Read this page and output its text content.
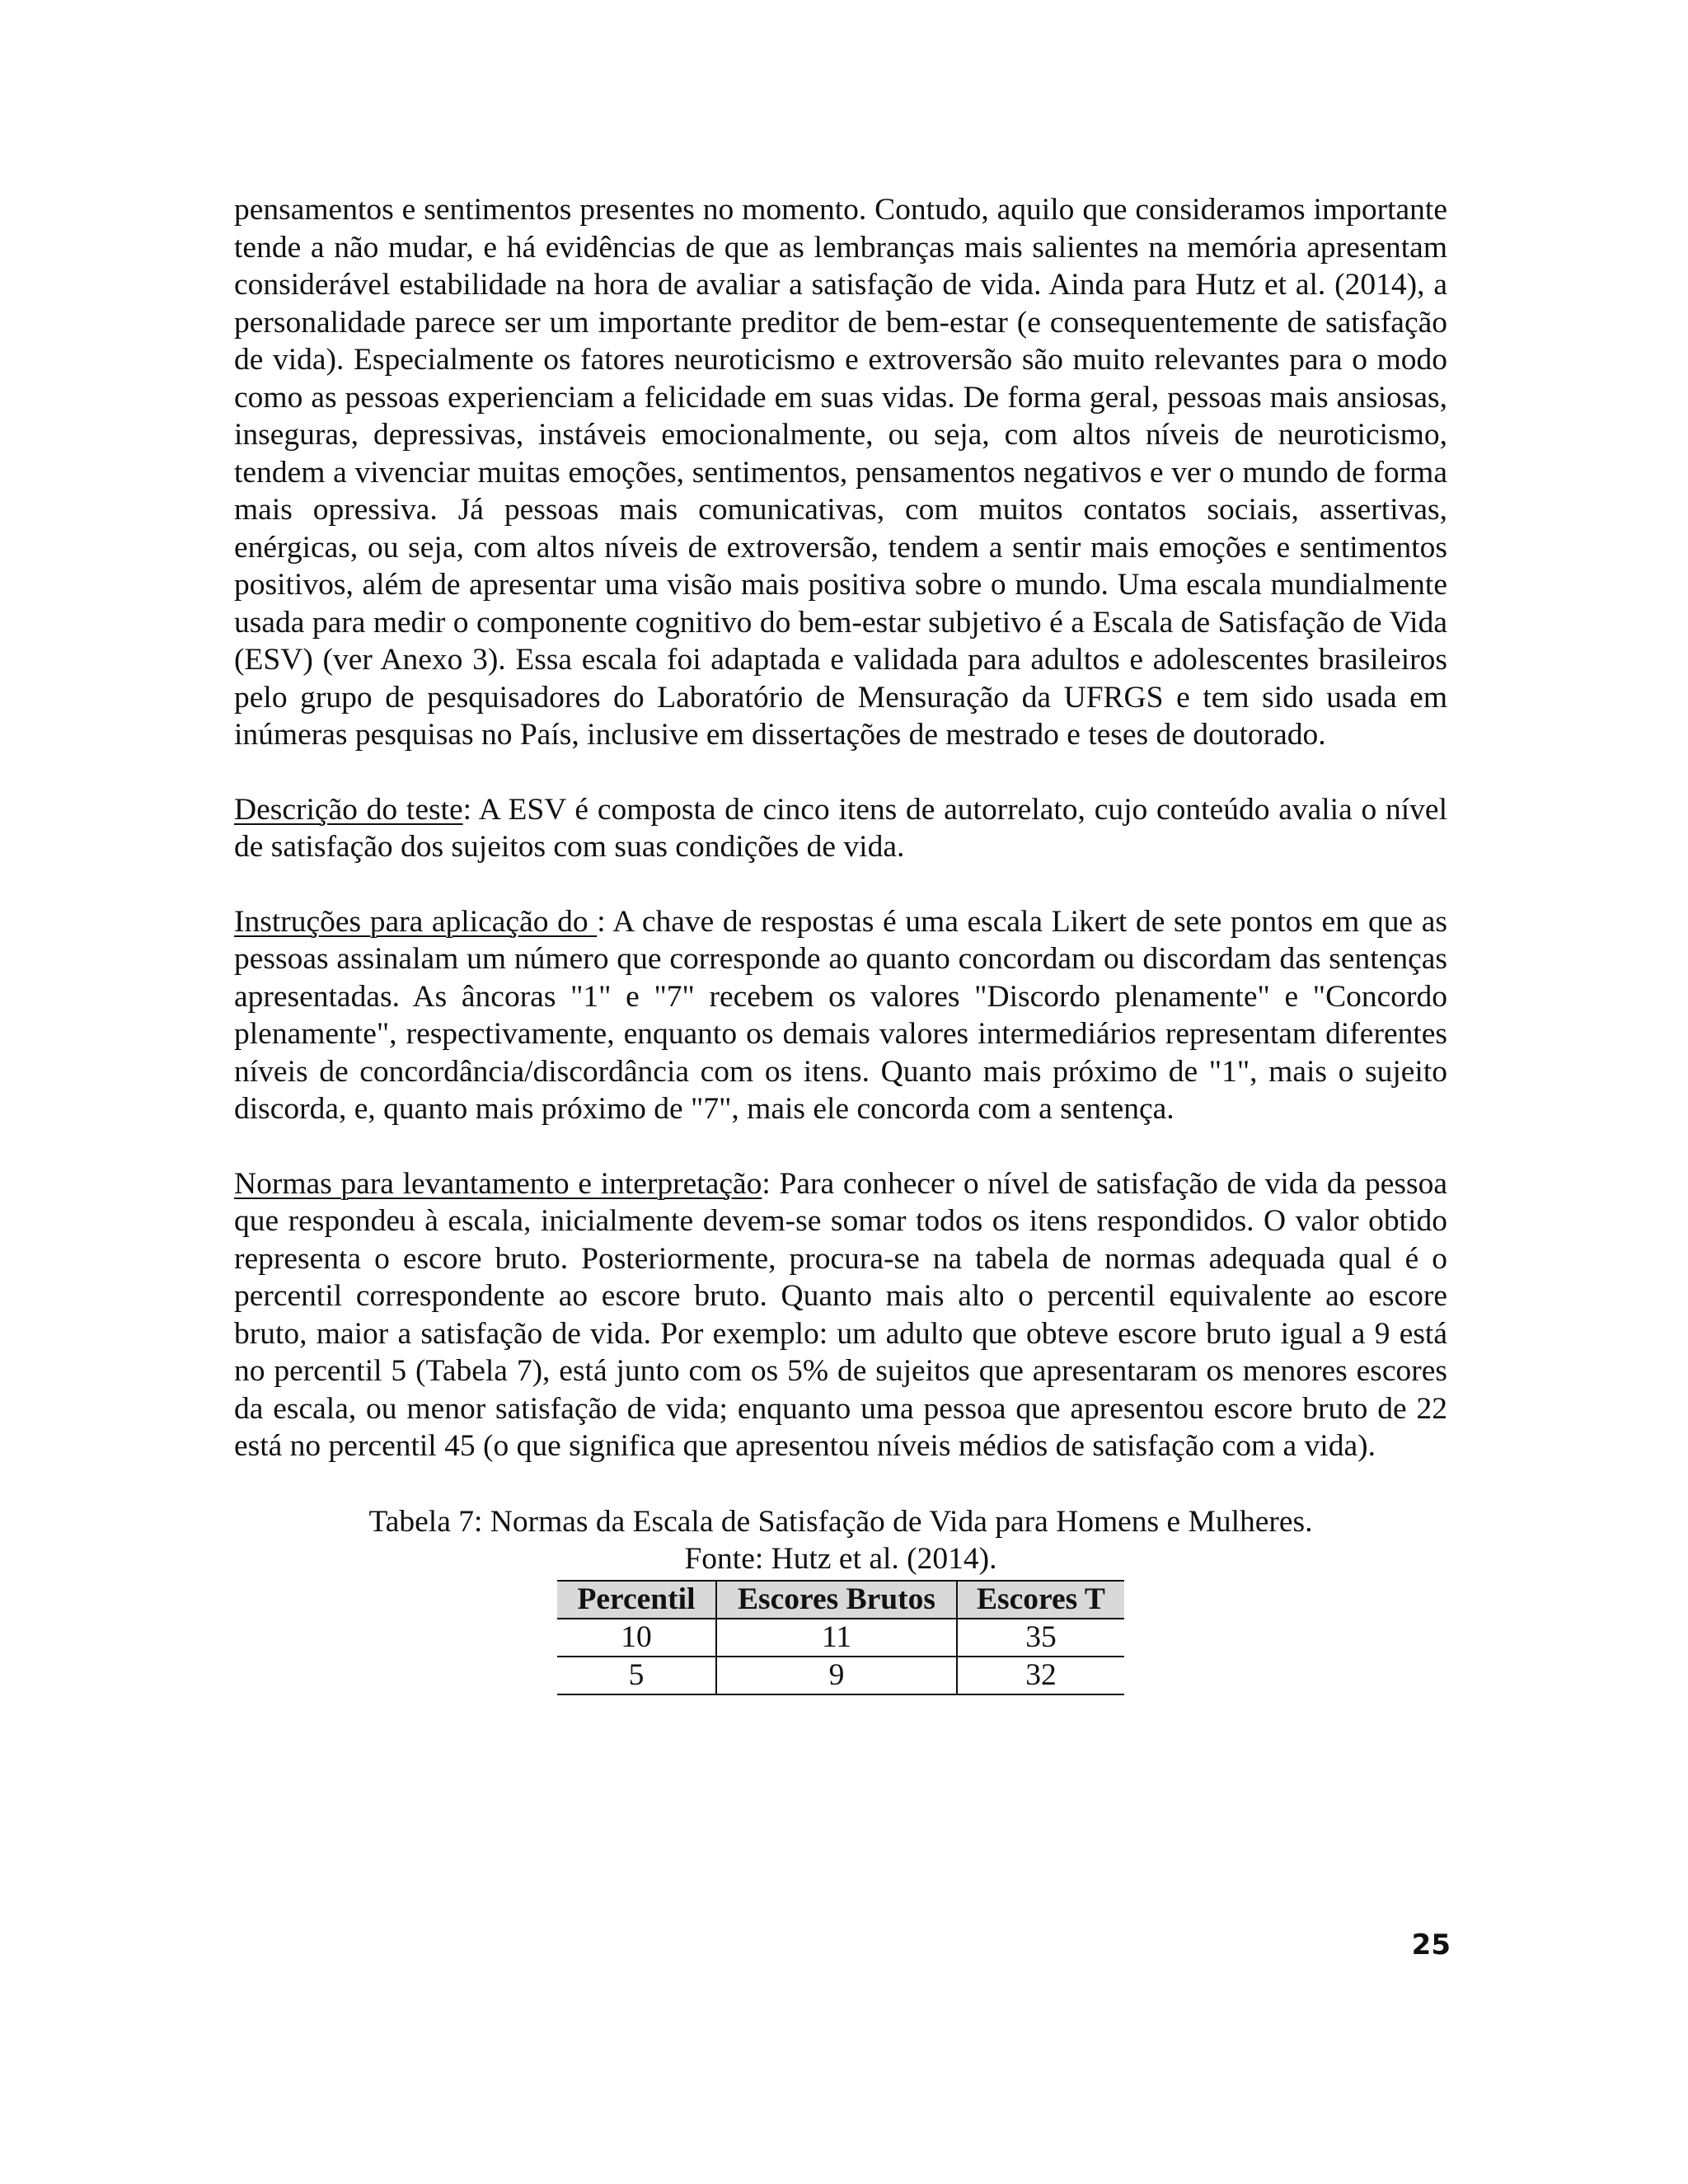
pensamentos e sentimentos presentes no momento. Contudo, aquilo que consideramos importante tende a não mudar, e há evidências de que as lembranças mais salientes na memória apresentam considerável estabilidade na hora de avaliar a satisfação de vida. Ainda para Hutz et al. (2014), a personalidade parece ser um importante preditor de bem-estar (e consequentemente de satisfação de vida). Especialmente os fatores neuroticismo e extroversão são muito relevantes para o modo como as pessoas experienciam a felicidade em suas vidas. De forma geral, pessoas mais ansiosas, inseguras, depressivas, instáveis emocionalmente, ou seja, com altos níveis de neuroticismo, tendem a vivenciar muitas emoções, sentimentos, pensamentos negativos e ver o mundo de forma mais opressiva. Já pessoas mais comunicativas, com muitos contatos sociais, assertivas, enérgicas, ou seja, com altos níveis de extroversão, tendem a sentir mais emoções e sentimentos positivos, além de apresentar uma visão mais positiva sobre o mundo. Uma escala mundialmente usada para medir o componente cognitivo do bem-estar subjetivo é a Escala de Satisfação de Vida (ESV) (ver Anexo 3). Essa escala foi adaptada e validada para adultos e adolescentes brasileiros pelo grupo de pesquisadores do Laboratório de Mensuração da UFRGS e tem sido usada em inúmeras pesquisas no País, inclusive em dissertações de mestrado e teses de doutorado.

Descrição do teste: A ESV é composta de cinco itens de autorrelato, cujo conteúdo avalia o nível de satisfação dos sujeitos com suas condições de vida.

Instruções para aplicação do : A chave de respostas é uma escala Likert de sete pontos em que as pessoas assinalam um número que corresponde ao quanto concordam ou discordam das sentenças apresentadas. As âncoras "1" e "7" recebem os valores "Discordo plenamente" e "Concordo plenamente", respectivamente, enquanto os demais valores intermediários representam diferentes níveis de concordância/discordância com os itens. Quanto mais próximo de "1", mais o sujeito discorda, e, quanto mais próximo de "7", mais ele concorda com a sentença.

Normas para levantamento e interpretação: Para conhecer o nível de satisfação de vida da pessoa que respondeu à escala, inicialmente devem-se somar todos os itens respondidos. O valor obtido representa o escore bruto. Posteriormente, procura-se na tabela de normas adequada qual é o percentil correspondente ao escore bruto. Quanto mais alto o percentil equivalente ao escore bruto, maior a satisfação de vida. Por exemplo: um adulto que obteve escore bruto igual a 9 está no percentil 5 (Tabela 7), está junto com os 5% de sujeitos que apresentaram os menores escores da escala, ou menor satisfação de vida; enquanto uma pessoa que apresentou escore bruto de 22 está no percentil 45 (o que significa que apresentou níveis médios de satisfação com a vida).

Tabela 7: Normas da Escala de Satisfação de Vida para Homens e Mulheres.

Fonte: Hutz et al. (2014).

Percentil	Escores Brutos	Escores T
10	11	35
5	9	32
25
